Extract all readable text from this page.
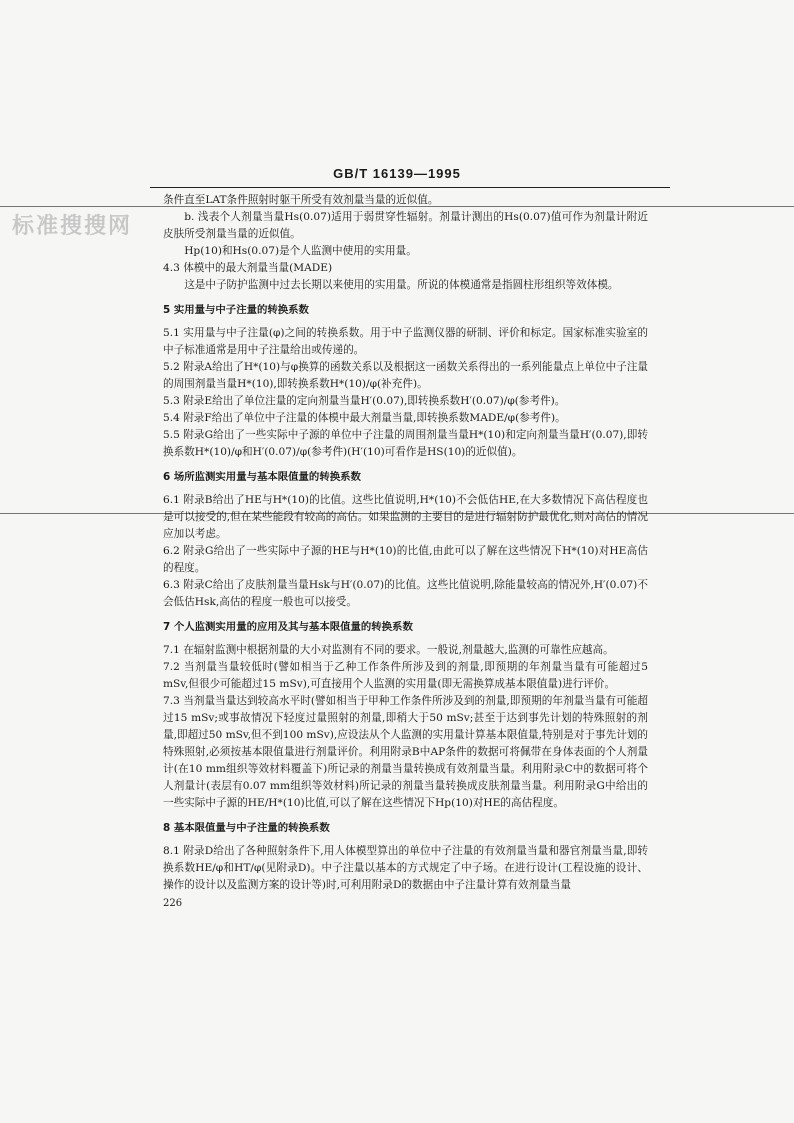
标准搜搜网
GB/T 16139—1995

条件直至LAT条件照射时躯干所受有效剂量当量的近似值。

b. 浅表个人剂量当量Hs(0.07)适用于弱贯穿性辐射。剂量计测出的Hs(0.07)值可作为剂量计附近皮肤所受剂量当量的近似值。

Hp(10)和Hs(0.07)是个人监测中使用的实用量。

4.3 体模中的最大剂量当量(MADE)

这是中子防护监测中过去长期以来使用的实用量。所说的体模通常是指圆柱形组织等效体模。

5 实用量与中子注量的转换系数

5.1 实用量与中子注量(φ)之间的转换系数。用于中子监测仪器的研制、评价和标定。国家标准实验室的中子标准通常是用中子注量给出或传递的。

5.2 附录A给出了H*(10)与φ换算的函数关系以及根据这一函数关系得出的一系列能量点上单位中子注量的周围剂量当量H*(10),即转换系数H*(10)/φ(补充件)。

5.3 附录E给出了单位注量的定向剂量当量H′(0.07),即转换系数H′(0.07)/φ(参考件)。

5.4 附录F给出了单位中子注量的体模中最大剂量当量,即转换系数MADE/φ(参考件)。

5.5 附录G给出了一些实际中子源的单位中子注量的周围剂量当量H*(10)和定向剂量当量H′(0.07),即转换系数H*(10)/φ和H′(0.07)/φ(参考件)(H′(10)可看作是HS(10)的近似值)。

6 场所监测实用量与基本限值量的转换系数

6.1 附录B给出了HE与H*(10)的比值。这些比值说明,H*(10)不会低估HE,在大多数情况下高估程度也是可以接受的,但在某些能段有较高的高估。如果监测的主要目的是进行辐射防护最优化,则对高估的情况应加以考虑。

6.2 附录G给出了一些实际中子源的HE与H*(10)的比值,由此可以了解在这些情况下H*(10)对HE高估的程度。

6.3 附录C给出了皮肤剂量当量Hsk与H′(0.07)的比值。这些比值说明,除能量较高的情况外,H′(0.07)不会低估Hsk,高估的程度一般也可以接受。

7 个人监测实用量的应用及其与基本限值量的转换系数

7.1 在辐射监测中根据剂量的大小对监测有不同的要求。一般说,剂量越大,监测的可靠性应越高。

7.2 当剂量当量较低时(譬如相当于乙种工作条件所涉及到的剂量,即预期的年剂量当量有可能超过5 mSv,但很少可能超过15 mSv),可直接用个人监测的实用量(即无需换算成基本限值量)进行评价。

7.3 当剂量当量达到较高水平时(譬如相当于甲种工作条件所涉及到的剂量,即预期的年剂量当量有可能超过15 mSv;或事故情况下轻度过量照射的剂量,即稍大于50 mSv;甚至于达到事先计划的特殊照射的剂量,即超过50 mSv,但不到100 mSv),应设法从个人监测的实用量计算基本限值量,特别是对于事先计划的特殊照射,必须按基本限值量进行剂量评价。利用附录B中AP条件的数据可将佩带在身体表面的个人剂量计(在10 mm组织等效材料覆盖下)所记录的剂量当量转换成有效剂量当量。利用附录C中的数据可将个人剂量计(表层有0.07 mm组织等效材料)所记录的剂量当量转换成皮肤剂量当量。利用附录G中给出的一些实际中子源的HE/H*(10)比值,可以了解在这些情况下Hp(10)对HE的高估程度。

8 基本限值量与中子注量的转换系数

8.1 附录D给出了各种照射条件下,用人体模型算出的单位中子注量的有效剂量当量和器官剂量当量,即转换系数HE/φ和HT/φ(见附录D)。中子注量以基本的方式规定了中子场。在进行设计(工程设施的设计、操作的设计以及监测方案的设计等)时,可利用附录D的数据由中子注量计算有效剂量当量

226
